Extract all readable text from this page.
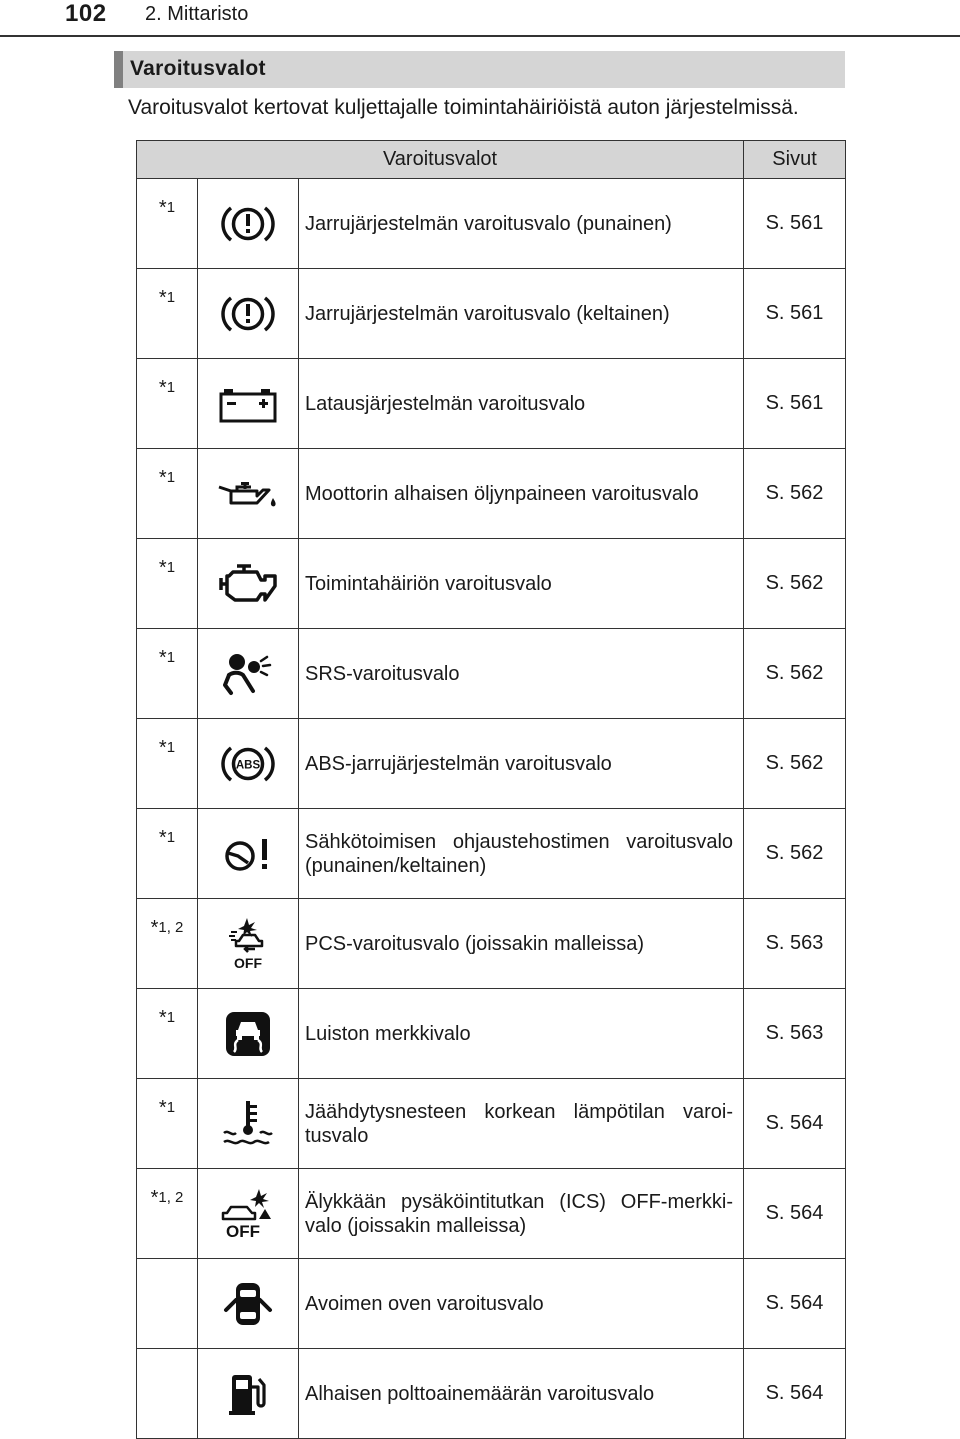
102 2. Mittaristo
Varoitusvalot
Varoitusvalot kertovat kuljettajalle toimintahäiriöistä auton järjestelmissä.
Varoitusvalot			Sivut
*$^1$		Jarrujärjestelmän varoitusvalo (punainen)	S. 561
*$^1$		Jarrujärjestelmän varoitusvalo (keltainen)	S. 561
*$^1$		Latausjärjestelmän varoitusvalo	S. 561
*$^1$		Moottorin alhaisen öljynpaineen varoitusvalo	S. 562
*$^1$		Toimintahäiriön varoitusvalo	S. 562
*$^1$		SRS-varoitusvalo	S. 562
*$^1$	ABS	ABS-jarrujärjestelmän varoitusvalo	S. 562
*$^1$		Sähkötoimisen ohjaustehostimen varoitusvalo (punainen/keltainen)	S. 562
*$^{1, 2}$	OFF	PCS-varoitusvalo (joissakin malleissa)	S. 563
*$^1$		Luiston merkkivalo	S. 563
*$^1$		Jäähdytysnesteen korkean lämpötilan varoi-tusvalo	S. 564
*$^{1, 2}$	OFF	Älykkään pysäköintitutkan (ICS) OFF-merkki-valo (joissakin malleissa)	S. 564

	Avoimen oven varoitusvalo	S. 564

	Alhaisen polttoainemäärän varoitusvalo	S. 564
